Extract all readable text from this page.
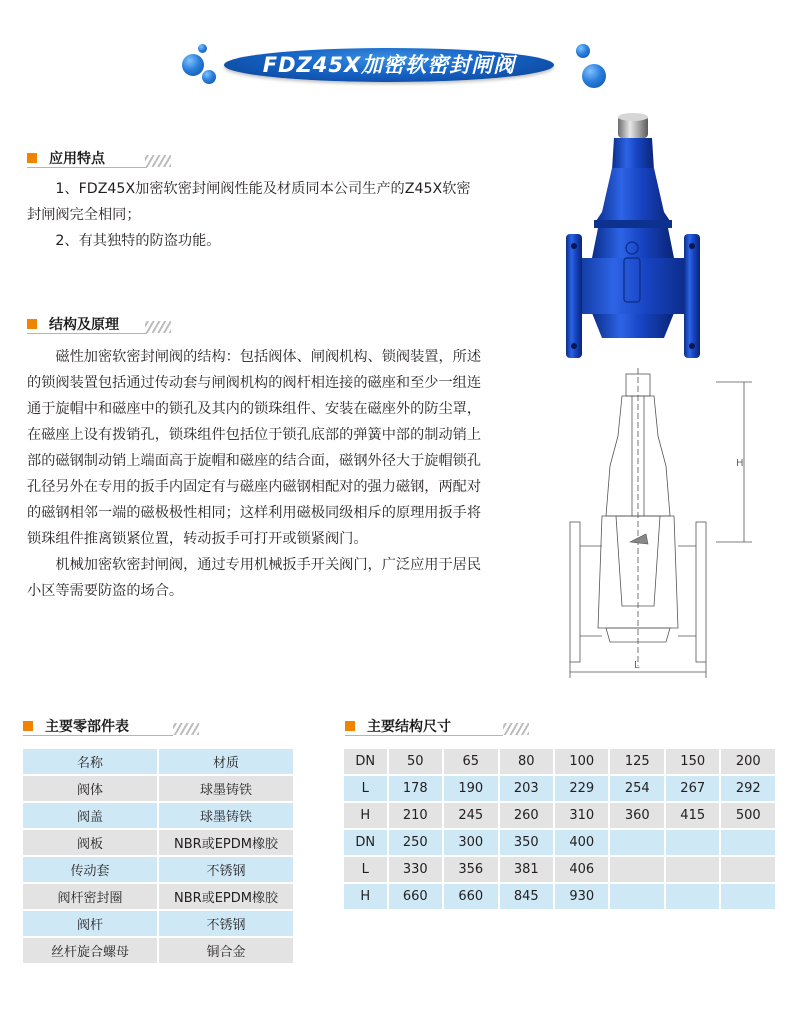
FDZ45X加密软密封闸阀
应用特点

1、FDZ45X加密软密封闸阀性能及材质同本公司生产的Z45X软密封闸阀完全相同；

2、有其独特的防盗功能。

结构及原理

磁性加密软密封闸阀的结构：包括阀体、闸阀机构、锁阀装置，所述的锁阀装置包括通过传动套与闸阀机构的阀杆相连接的磁座和至少一组连通于旋帽中和磁座中的锁孔及其内的锁珠组件、安装在磁座外的防尘罩，在磁座上设有拨销孔，锁珠组件包括位于锁孔底部的弹簧中部的制动销上部的磁钢制动销上端面高于旋帽和磁座的结合面，磁钢外径大于旋帽锁孔孔径另外在专用的扳手内固定有与磁座内磁钢相配对的强力磁钢，两配对的磁钢相邻一端的磁极极性相同；这样利用磁极同级相斥的原理用扳手将锁珠组件推离锁紧位置，转动扳手可打开或锁紧阀门。

机械加密软密封闸阀，通过专用机械扳手开关阀门，广泛应用于居民小区等需要防盗的场合。

H
L
主要零部件表
名称	材质
阀体	球墨铸铁
阀盖	球墨铸铁
阀板	NBR或EPDM橡胶
传动套	不锈钢
阀杆密封圈	NBR或EPDM橡胶
阀杆	不锈钢
丝杆旋合螺母	铜合金
主要结构尺寸
DN	50	65	80	100	125	150	200
L	178	190	203	229	254	267	292
H	210	245	260	310	360	415	500
DN	250	300	350	400			
L	330	356	381	406			
H	660	660	845	930			
